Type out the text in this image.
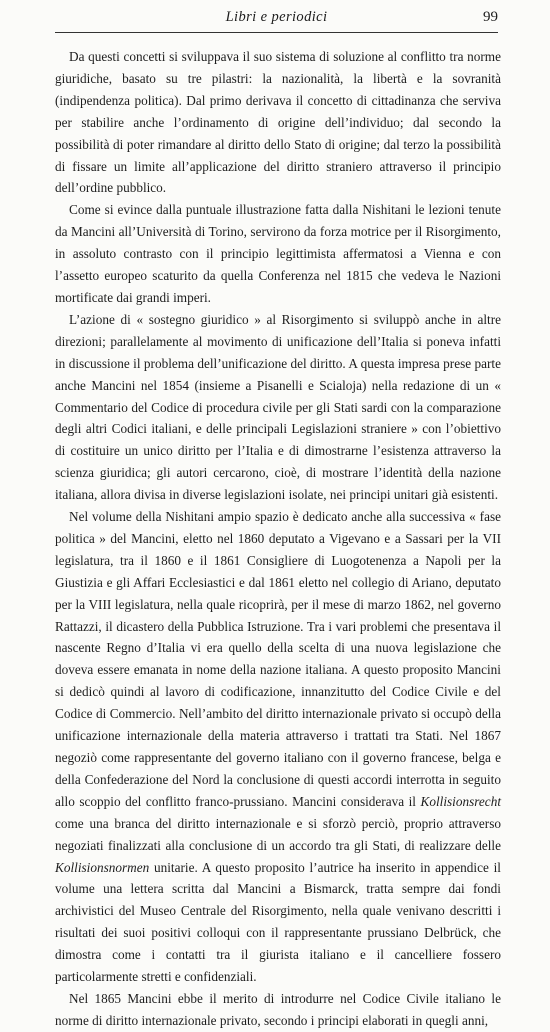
Libri e periodici	99

Da questi concetti si sviluppava il suo sistema di soluzione al conflitto tra norme giuridiche, basato su tre pilastri: la nazionalità, la libertà e la sovranità (indipendenza politica). Dal primo derivava il concetto di cittadinanza che serviva per stabilire anche l’ordinamento di origine dell’individuo; dal secondo la possibilità di poter rimandare al diritto dello Stato di origine; dal terzo la possibilità di fissare un limite all’applicazione del diritto straniero attraverso il principio dell’ordine pubblico.

Come si evince dalla puntuale illustrazione fatta dalla Nishitani le lezioni tenute da Mancini all’Università di Torino, servirono da forza motrice per il Risorgimento, in assoluto contrasto con il principio legittimista affermatosi a Vienna e con l’assetto europeo scaturito da quella Conferenza nel 1815 che vedeva le Nazioni mortificate dai grandi imperi.

L’azione di « sostegno giuridico » al Risorgimento si sviluppò anche in altre direzioni; parallelamente al movimento di unificazione dell’Italia si poneva infatti in discussione il problema dell’unificazione del diritto. A questa impresa prese parte anche Mancini nel 1854 (insieme a Pisanelli e Scialoja) nella redazione di un « Commentario del Codice di procedura civile per gli Stati sardi con la comparazione degli altri Codici italiani, e delle principali Legislazioni straniere » con l’obiettivo di costituire un unico diritto per l’Italia e di dimostrarne l’esistenza attraverso la scienza giuridica; gli autori cercarono, cioè, di mostrare l’identità della nazione italiana, allora divisa in diverse legislazioni isolate, nei principi unitari già esistenti.

Nel volume della Nishitani ampio spazio è dedicato anche alla successiva « fase politica » del Mancini, eletto nel 1860 deputato a Vigevano e a Sassari per la VII legislatura, tra il 1860 e il 1861 Consigliere di Luogotenenza a Napoli per la Giustizia e gli Affari Ecclesiastici e dal 1861 eletto nel collegio di Ariano, deputato per la VIII legislatura, nella quale ricoprirà, per il mese di marzo 1862, nel governo Rattazzi, il dicastero della Pubblica Istruzione. Tra i vari problemi che presentava il nascente Regno d’Italia vi era quello della scelta di una nuova legislazione che doveva essere emanata in nome della nazione italiana. A questo proposito Mancini si dedicò quindi al lavoro di codificazione, innanzitutto del Codice Civile e del Codice di Commercio. Nell’ambito del diritto internazionale privato si occupò della unificazione internazionale della materia attraverso i trattati tra Stati. Nel 1867 negoziò come rappresentante del governo italiano con il governo francese, belga e della Confederazione del Nord la conclusione di questi accordi interrotta in seguito allo scoppio del conflitto franco-prussiano. Mancini considerava il Kollisionsrecht come una branca del diritto internazionale e si sforzò perciò, proprio attraverso negoziati finalizzati alla conclusione di un accordo tra gli Stati, di realizzare delle Kollisionsnormen unitarie. A questo proposito l’autrice ha inserito in appendice il volume una lettera scritta dal Mancini a Bismarck, tratta sempre dai fondi archivistici del Museo Centrale del Risorgimento, nella quale venivano descritti i risultati dei suoi positivi colloqui con il rappresentante prussiano Delbrück, che dimostra come i contatti tra il giurista italiano e il cancelliere fossero particolarmente stretti e confidenziali.

Nel 1865 Mancini ebbe il merito di introdurre nel Codice Civile italiano le norme di diritto internazionale privato, secondo i principi elaborati in quegli anni,
